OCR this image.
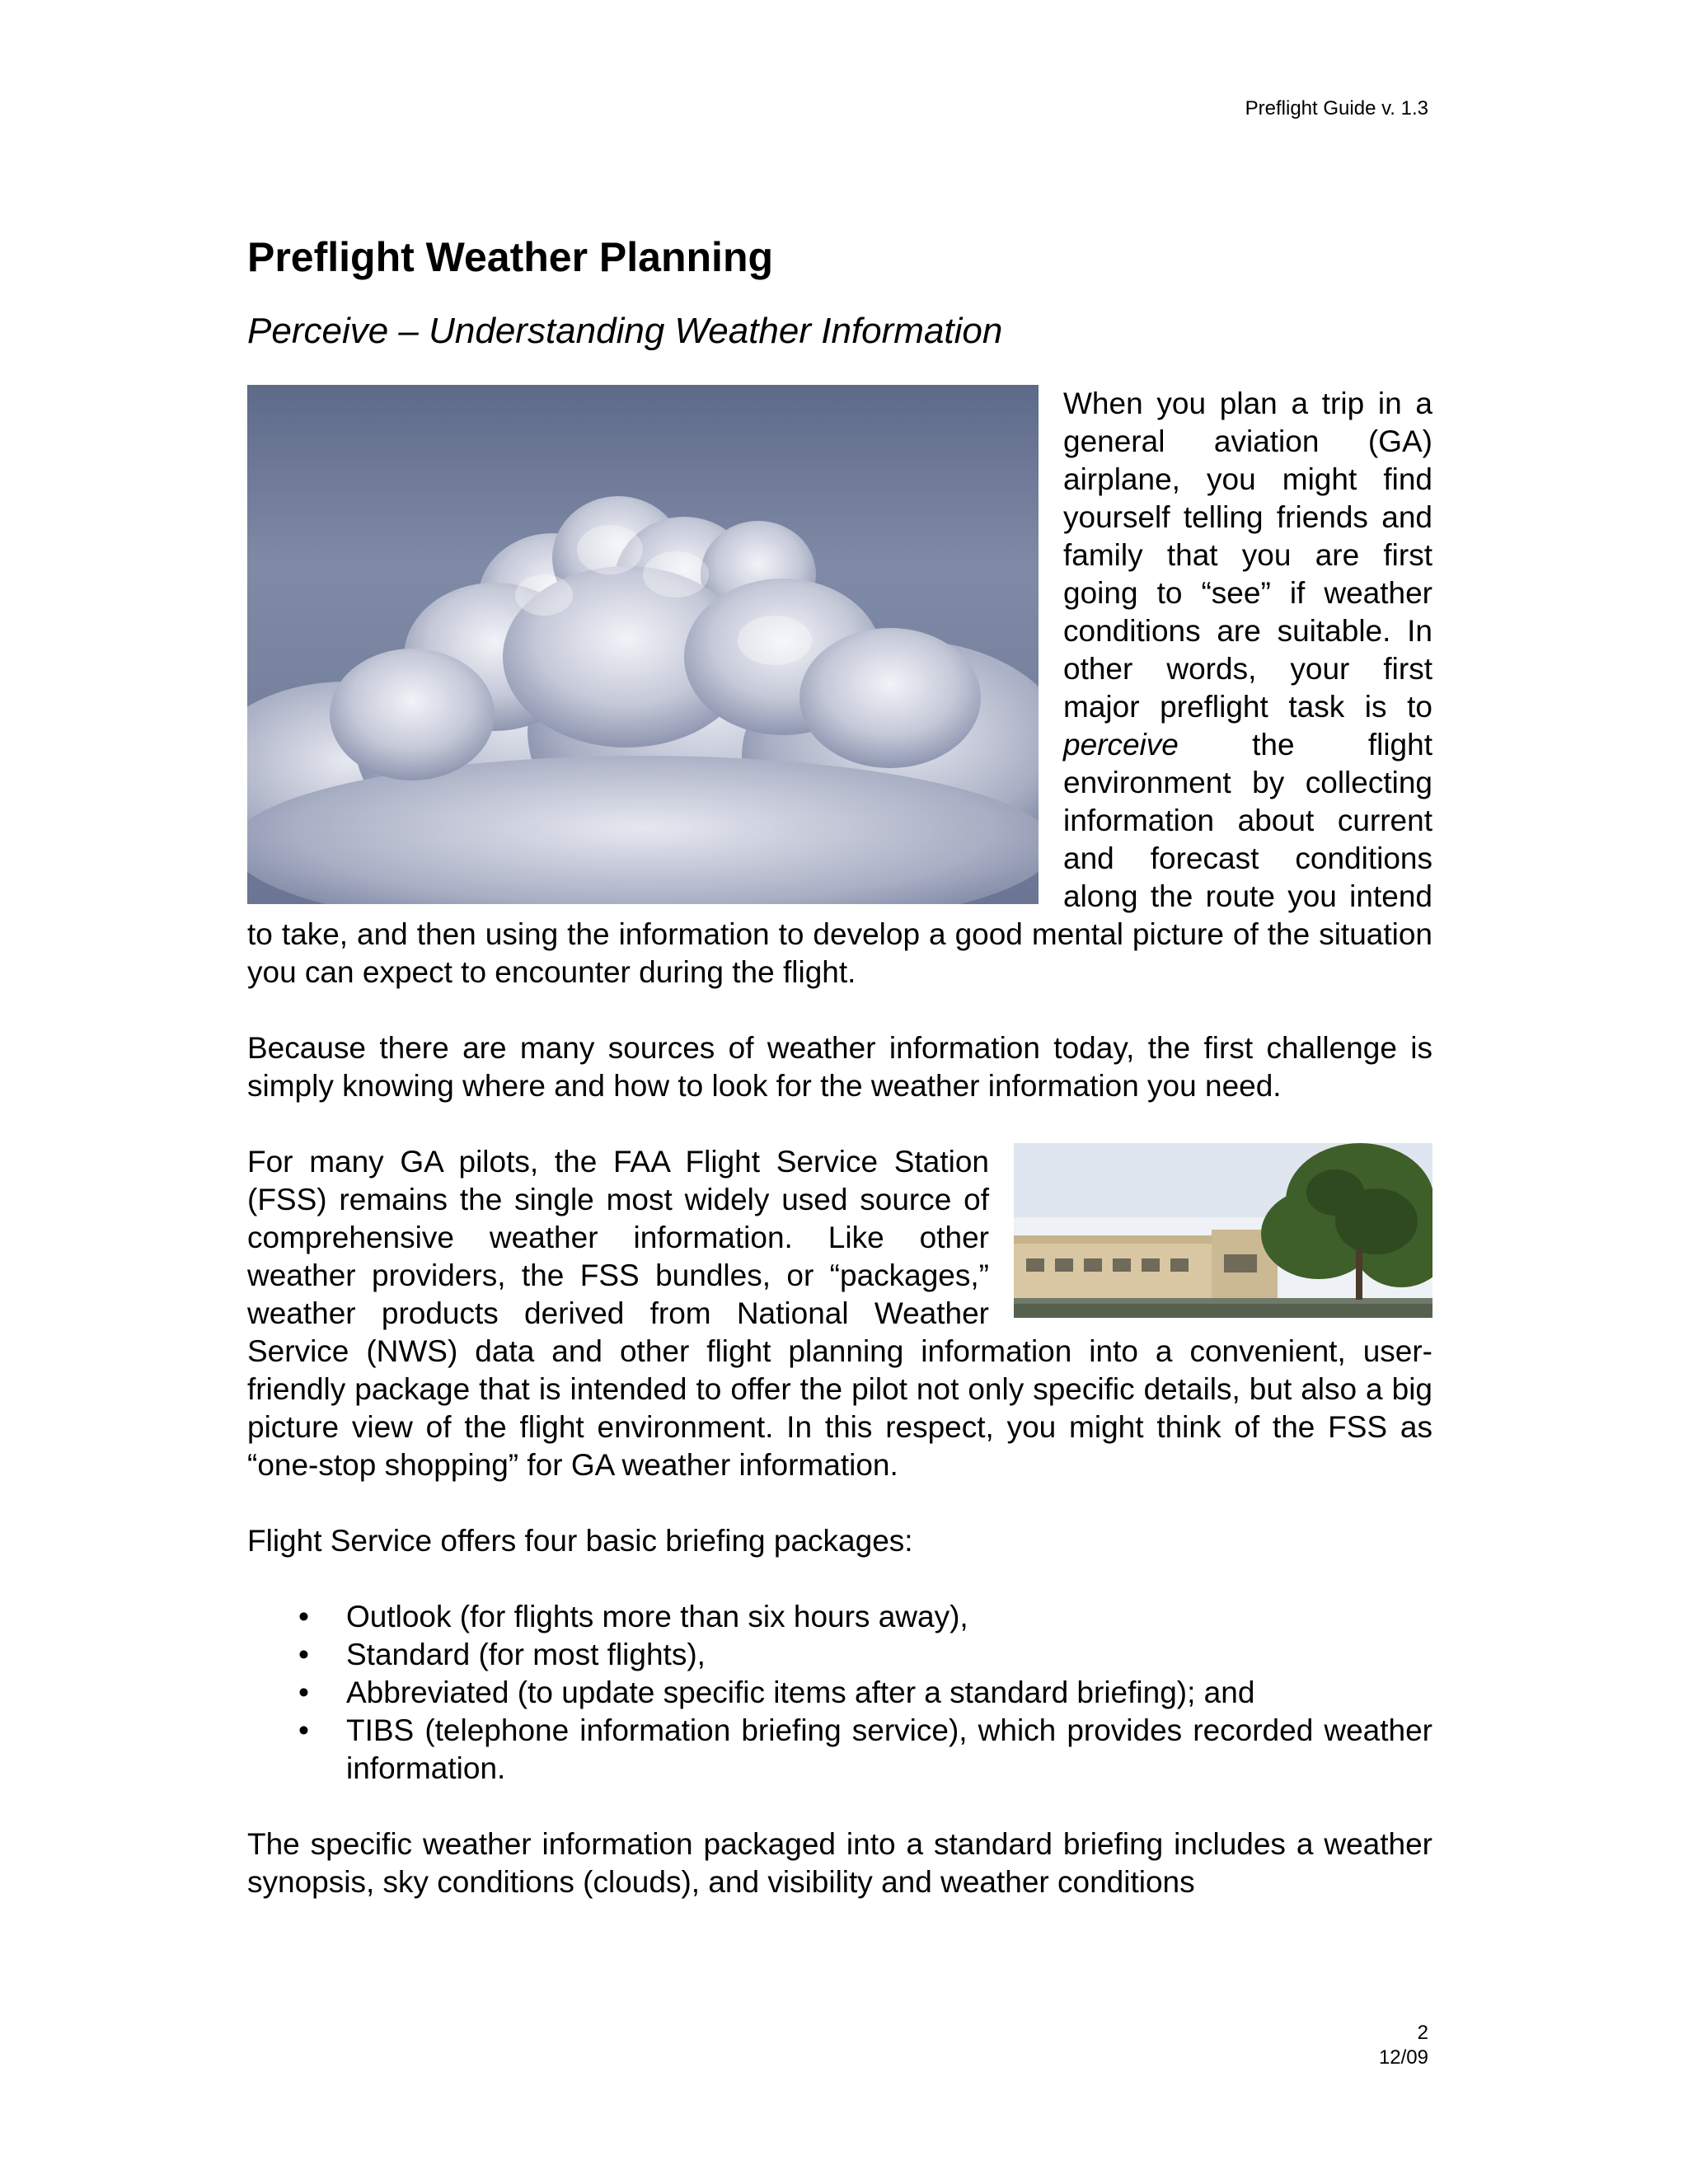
Preflight Guide v. 1.3
Preflight Weather Planning
Perceive – Understanding Weather Information

When you plan a trip in a general aviation (GA) airplane, you might find yourself telling friends and family that you are first going to “see” if weather conditions are suitable. In other words, your first major preflight task is to perceive the flight environment by collecting information about current and forecast conditions along the route you intend to take, and then using the information to develop a good mental picture of the situation you can expect to encounter during the flight.

Because there are many sources of weather information today, the first challenge is simply knowing where and how to look for the weather information you need.

For many GA pilots, the FAA Flight Service Station (FSS) remains the single most widely used source of comprehensive weather information. Like other weather providers, the FSS bundles, or “packages,” weather products derived from National Weather Service (NWS) data and other flight planning information into a convenient, user-friendly package that is intended to offer the pilot not only specific details, but also a big picture view of the flight environment. In this respect, you might think of the FSS as “one-stop shopping” for GA weather information.

Flight Service offers four basic briefing packages:

• Outlook (for flights more than six hours away),
• Standard (for most flights),
• Abbreviated (to update specific items after a standard briefing); and
• TIBS (telephone information briefing service), which provides recorded weather information.

The specific weather information packaged into a standard briefing includes a weather synopsis, sky conditions (clouds), and visibility and weather conditions

2
12/09
